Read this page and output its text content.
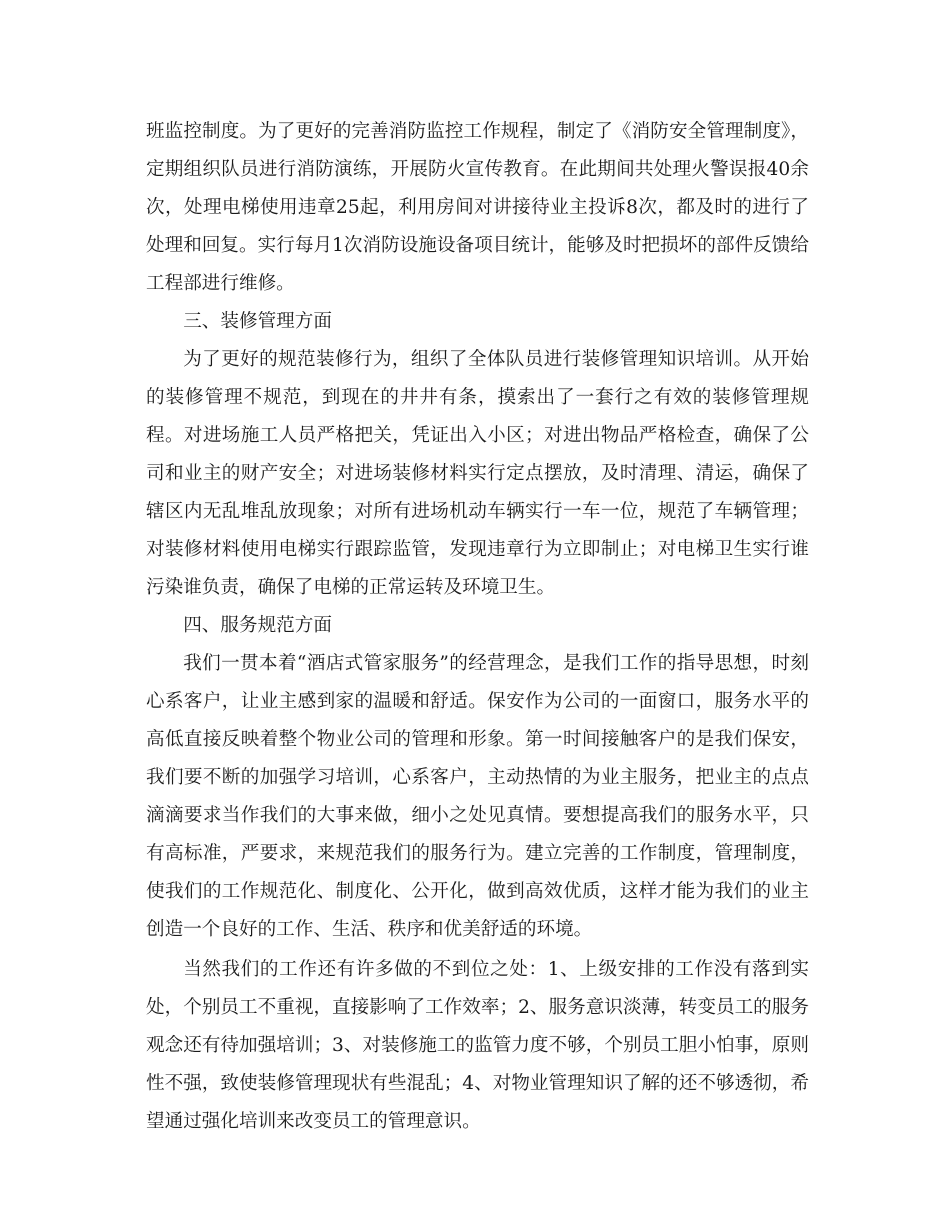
班监控制度。为了更好的完善消防监控工作规程，制定了《消防安全管理制度》，定期组织队员进行消防演练，开展防火宣传教育。在此期间共处理火警误报40余次，处理电梯使用违章25起，利用房间对讲接待业主投诉8次，都及时的进行了处理和回复。实行每月1次消防设施设备项目统计，能够及时把损坏的部件反馈给工程部进行维修。

三、装修管理方面

为了更好的规范装修行为，组织了全体队员进行装修管理知识培训。从开始的装修管理不规范，到现在的井井有条，摸索出了一套行之有效的装修管理规程。对进场施工人员严格把关，凭证出入小区；对进出物品严格检查，确保了公司和业主的财产安全；对进场装修材料实行定点摆放，及时清理、清运，确保了辖区内无乱堆乱放现象；对所有进场机动车辆实行一车一位，规范了车辆管理；对装修材料使用电梯实行跟踪监管，发现违章行为立即制止；对电梯卫生实行谁污染谁负责，确保了电梯的正常运转及环境卫生。

四、服务规范方面

我们一贯本着“酒店式管家服务”的经营理念，是我们工作的指导思想，时刻心系客户，让业主感到家的温暖和舒适。保安作为公司的一面窗口，服务水平的高低直接反映着整个物业公司的管理和形象。第一时间接触客户的是我们保安，我们要不断的加强学习培训，心系客户，主动热情的为业主服务，把业主的点点滴滴要求当作我们的大事来做，细小之处见真情。要想提高我们的服务水平，只有高标准，严要求，来规范我们的服务行为。建立完善的工作制度，管理制度，使我们的工作规范化、制度化、公开化，做到高效优质，这样才能为我们的业主创造一个良好的工作、生活、秩序和优美舒适的环境。

当然我们的工作还有许多做的不到位之处：1、上级安排的工作没有落到实处，个别员工不重视，直接影响了工作效率；2、服务意识淡薄，转变员工的服务观念还有待加强培训；3、对装修施工的监管力度不够，个别员工胆小怕事，原则性不强，致使装修管理现状有些混乱；4、对物业管理知识了解的还不够透彻，希望通过强化培训来改变员工的管理意识。
